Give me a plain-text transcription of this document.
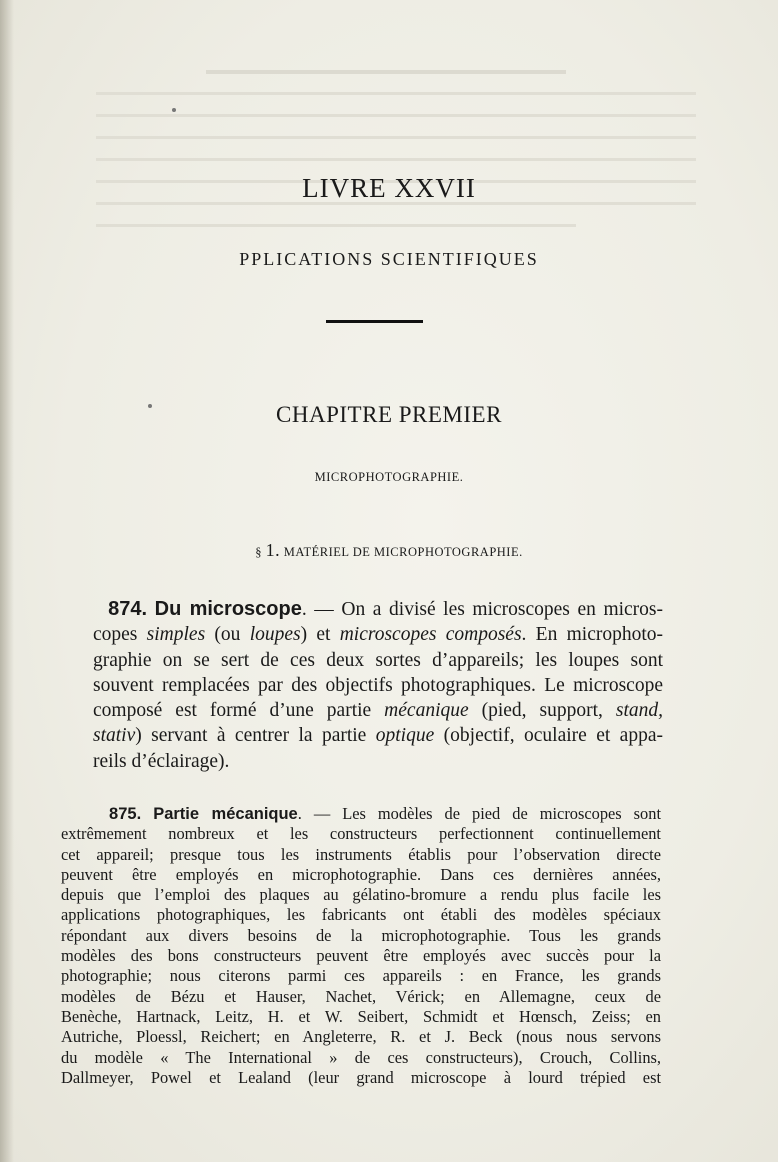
LIVRE XXVII
PPLICATIONS SCIENTIFIQUES
CHAPITRE PREMIER
MICROPHOTOGRAPHIE.
§ 1. MATÉRIEL DE MICROPHOTOGRAPHIE.
874. Du microscope. — On a divisé les microscopes en micros-
copes simples (ou loupes) et microscopes composés. En microphoto-
graphie on se sert de ces deux sortes d’appareils; les loupes sont
souvent remplacées par des objectifs photographiques. Le microscope
composé est formé d’une partie mécanique (pied, support, stand,
stativ) servant à centrer la partie optique (objectif, oculaire et appa-
reils d’éclairage).
875. Partie mécanique. — Les modèles de pied de microscopes sont
extrêmement nombreux et les constructeurs perfectionnent continuellement
cet appareil; presque tous les instruments établis pour l’observation directe
peuvent être employés en microphotographie. Dans ces dernières années,
depuis que l’emploi des plaques au gélatino-bromure a rendu plus facile les
applications photographiques, les fabricants ont établi des modèles spéciaux
répondant aux divers besoins de la microphotographie. Tous les grands
modèles des bons constructeurs peuvent être employés avec succès pour la
photographie; nous citerons parmi ces appareils : en France, les grands
modèles de Bézu et Hauser, Nachet, Vérick; en Allemagne, ceux de
Benèche, Hartnack, Leitz, H. et W. Seibert, Schmidt et Hœnsch, Zeiss; en
Autriche, Ploessl, Reichert; en Angleterre, R. et J. Beck (nous nous servons
du modèle « The International » de ces constructeurs), Crouch, Collins,
Dallmeyer, Powel et Lealand (leur grand microscope à lourd trépied est
